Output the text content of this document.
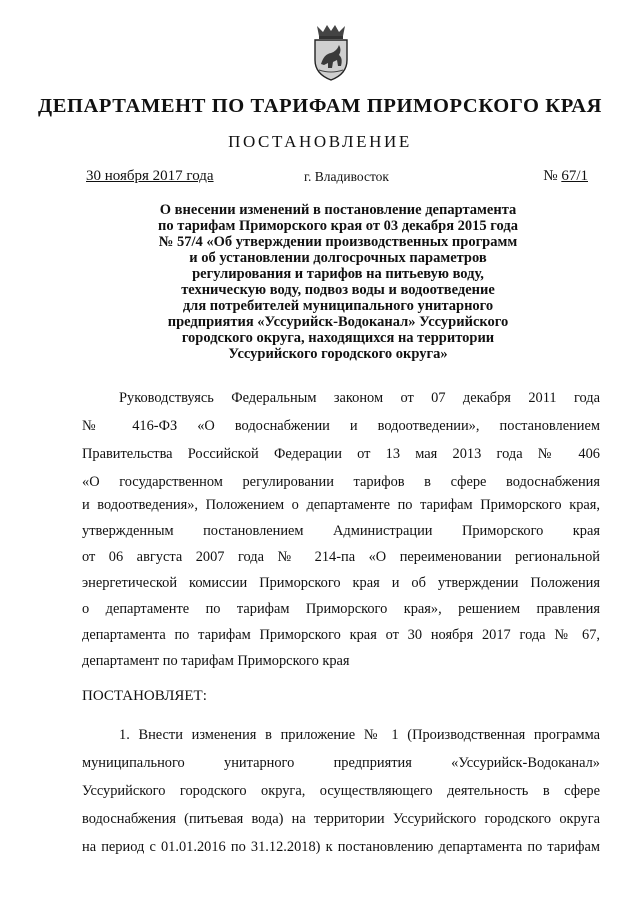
ДЕПАРТАМЕНТ ПО ТАРИФАМ ПРИМОРСКОГО КРАЯ
ПОСТАНОВЛЕНИЕ
30 ноября 2017 года	г. Владивосток	№ 67/1
О внесении изменений в постановление департамента
по тарифам Приморского края от 03 декабря 2015 года
№ 57/4 «Об утверждении производственных программ
и об установлении долгосрочных параметров
регулирования и тарифов на питьевую воду,
техническую воду, подвоз воды и водоотведение
для потребителей муниципального унитарного
предприятия «Уссурийск-Водоканал» Уссурийского
городского округа, находящихся на территории
Уссурийского городского округа»
Руководствуясь Федеральным законом от 07 декабря 2011 года
№ 416-ФЗ «О водоснабжении и водоотведении», постановлением
Правительства Российской Федерации от 13 мая 2013 года № 406
«О государственном регулировании тарифов в сфере водоснабжения
и водоотведения», Положением о департаменте по тарифам Приморского края,
утвержденным постановлением Администрации Приморского края
от 06 августа 2007 года № 214-па «О переименовании региональной
энергетической комиссии Приморского края и об утверждении Положения
о департаменте по тарифам Приморского края», решением правления
департамента по тарифам Приморского края от 30 ноября 2017 года № 67,
департамент по тарифам Приморского края
ПОСТАНОВЛЯЕТ:
1. Внести изменения в приложение № 1 (Производственная программа
муниципального унитарного предприятия «Уссурийск-Водоканал»
Уссурийского городского округа, осуществляющего деятельность в сфере
водоснабжения (питьевая вода) на территории Уссурийского городского округа
на период с 01.01.2016 по 31.12.2018) к постановлению департамента по тарифам
